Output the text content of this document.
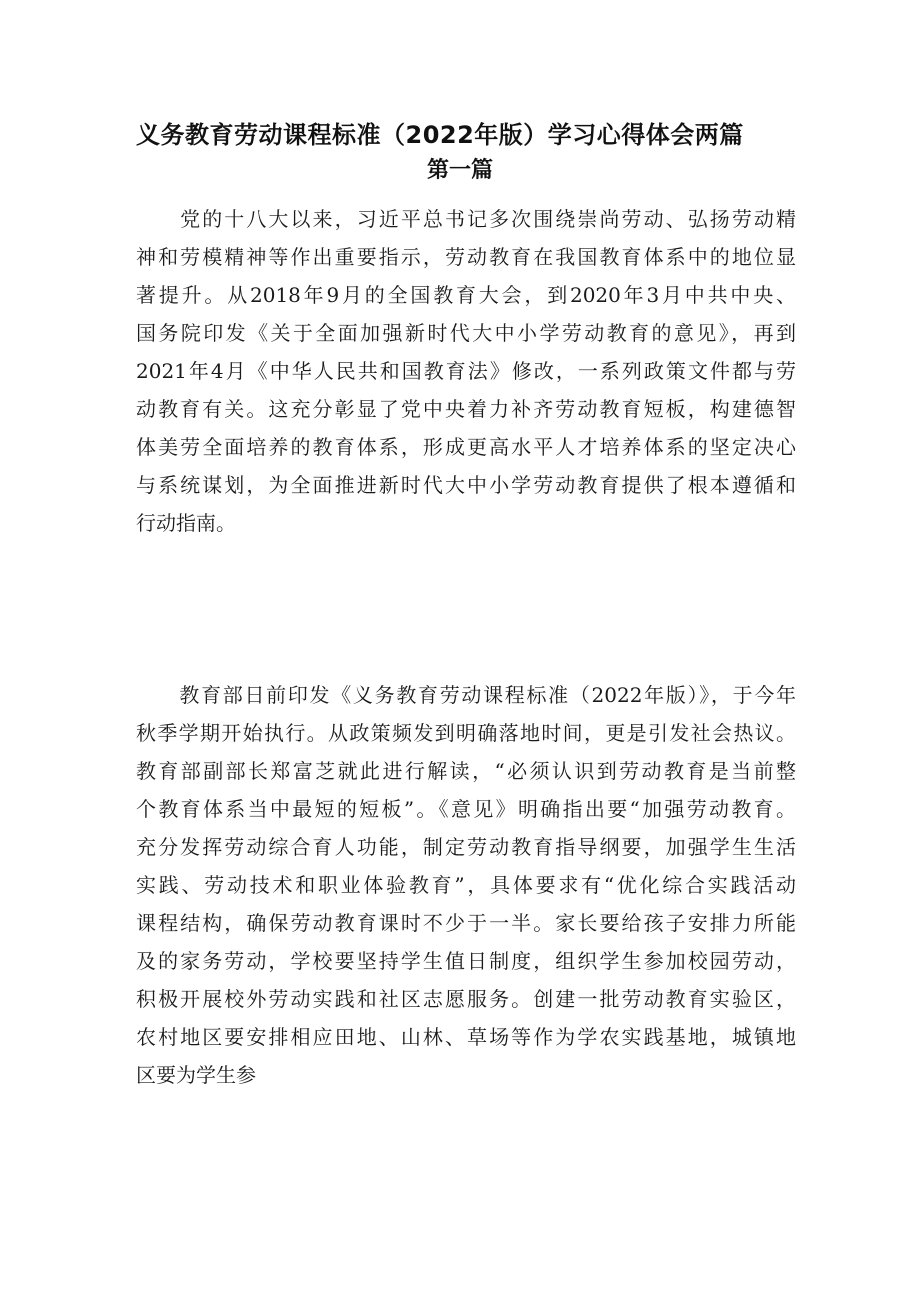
义务教育劳动课程标准（2022年版）学习心得体会两篇
第一篇

　　党的十八大以来，习近平总书记多次围绕崇尚劳动、弘扬劳动精

神和劳模精神等作出重要指示，劳动教育在我国教育体系中的地位显

著提升。从2018年9月的全国教育大会，到2020年3月中共中央、

国务院印发《关于全面加强新时代大中小学劳动教育的意见》，再到

2021年4月《中华人民共和国教育法》修改，一系列政策文件都与劳

动教育有关。这充分彰显了党中央着力补齐劳动教育短板，构建德智

体美劳全面培养的教育体系，形成更高水平人才培养体系的坚定决心

与系统谋划，为全面推进新时代大中小学劳动教育提供了根本遵循和

行动指南。

　　教育部日前印发《义务教育劳动课程标准（2022年版）》，于今年

秋季学期开始执行。从政策频发到明确落地时间，更是引发社会热议。

教育部副部长郑富芝就此进行解读，“必须认识到劳动教育是当前整

个教育体系当中最短的短板”。《意见》明确指出要“加强劳动教育。

充分发挥劳动综合育人功能，制定劳动教育指导纲要，加强学生生活

实践、劳动技术和职业体验教育”，具体要求有“优化综合实践活动

课程结构，确保劳动教育课时不少于一半。家长要给孩子安排力所能

及的家务劳动，学校要坚持学生值日制度，组织学生参加校园劳动，

积极开展校外劳动实践和社区志愿服务。创建一批劳动教育实验区，

农村地区要安排相应田地、山林、草场等作为学农实践基地，城镇地

区要为学生参
